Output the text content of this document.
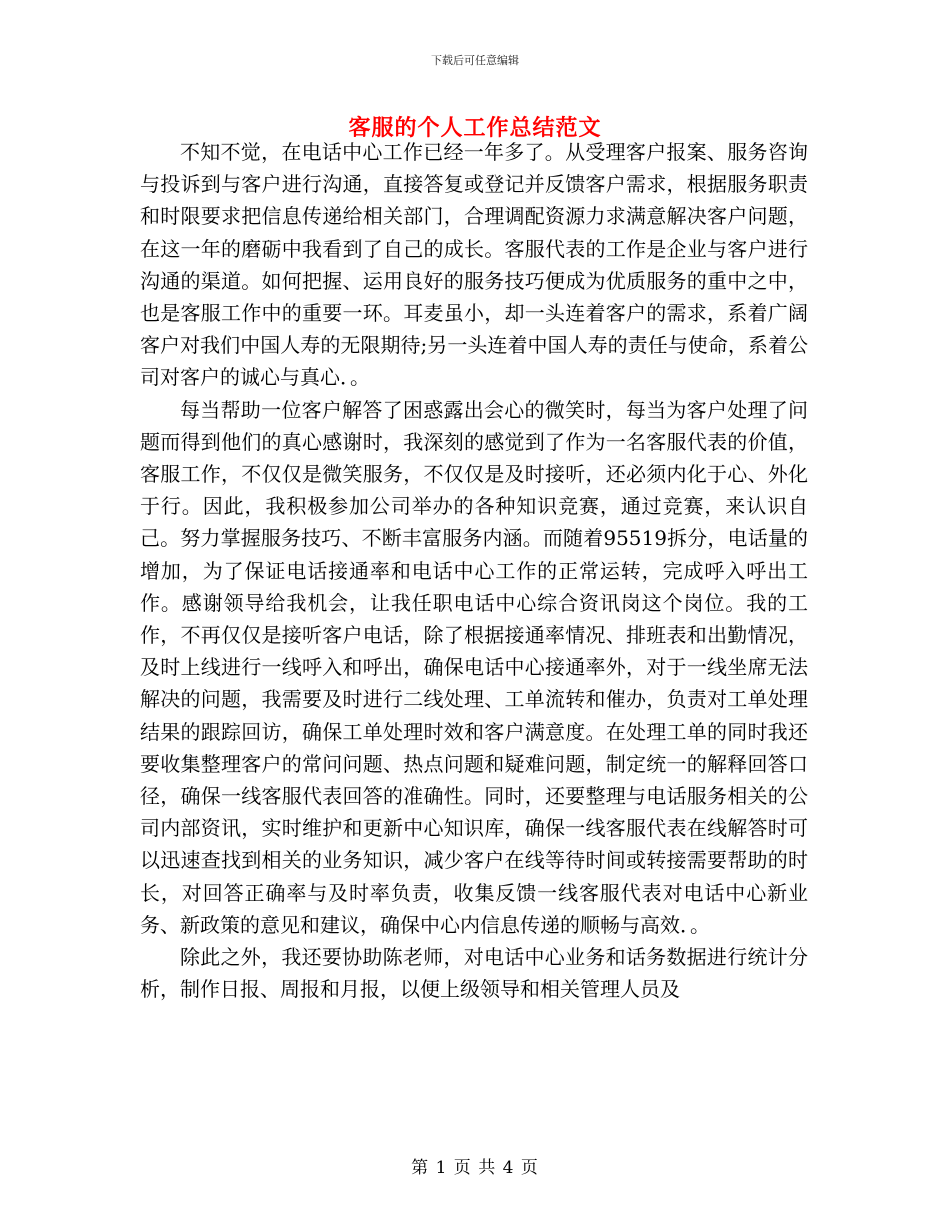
下载后可任意编辑
客服的个人工作总结范文

不知不觉，在电话中心工作已经一年多了。从受理客户报案、服务咨询与投诉到与客户进行沟通，直接答复或登记并反馈客户需求，根据服务职责和时限要求把信息传递给相关部门，合理调配资源力求满意解决客户问题，在这一年的磨砺中我看到了自己的成长。客服代表的工作是企业与客户进行沟通的渠道。如何把握、运用良好的服务技巧便成为优质服务的重中之中，也是客服工作中的重要一环。耳麦虽小，却一头连着客户的需求，系着广阔客户对我们中国人寿的无限期待;另一头连着中国人寿的责任与使命，系着公司对客户的诚心与真心．。

每当帮助一位客户解答了困惑露出会心的微笑时，每当为客户处理了问题而得到他们的真心感谢时，我深刻的感觉到了作为一名客服代表的价值，客服工作，不仅仅是微笑服务，不仅仅是及时接听，还必须内化于心、外化于行。因此，我积极参加公司举办的各种知识竞赛，通过竞赛，来认识自己。努力掌握服务技巧、不断丰富服务内涵。而随着95519拆分，电话量的增加，为了保证电话接通率和电话中心工作的正常运转，完成呼入呼出工作。感谢领导给我机会，让我任职电话中心综合资讯岗这个岗位。我的工作，不再仅仅是接听客户电话，除了根据接通率情况、排班表和出勤情况，及时上线进行一线呼入和呼出，确保电话中心接通率外，对于一线坐席无法解决的问题，我需要及时进行二线处理、工单流转和催办，负责对工单处理结果的跟踪回访，确保工单处理时效和客户满意度。在处理工单的同时我还要收集整理客户的常问问题、热点问题和疑难问题，制定统一的解释回答口径，确保一线客服代表回答的准确性。同时，还要整理与电话服务相关的公司内部资讯，实时维护和更新中心知识库，确保一线客服代表在线解答时可以迅速查找到相关的业务知识，减少客户在线等待时间或转接需要帮助的时长，对回答正确率与及时率负责，收集反馈一线客服代表对电话中心新业务、新政策的意见和建议，确保中心内信息传递的顺畅与高效．。

除此之外，我还要协助陈老师，对电话中心业务和话务数据进行统计分析，制作日报、周报和月报，以便上级领导和相关管理人员及

第 1 页 共 4 页
